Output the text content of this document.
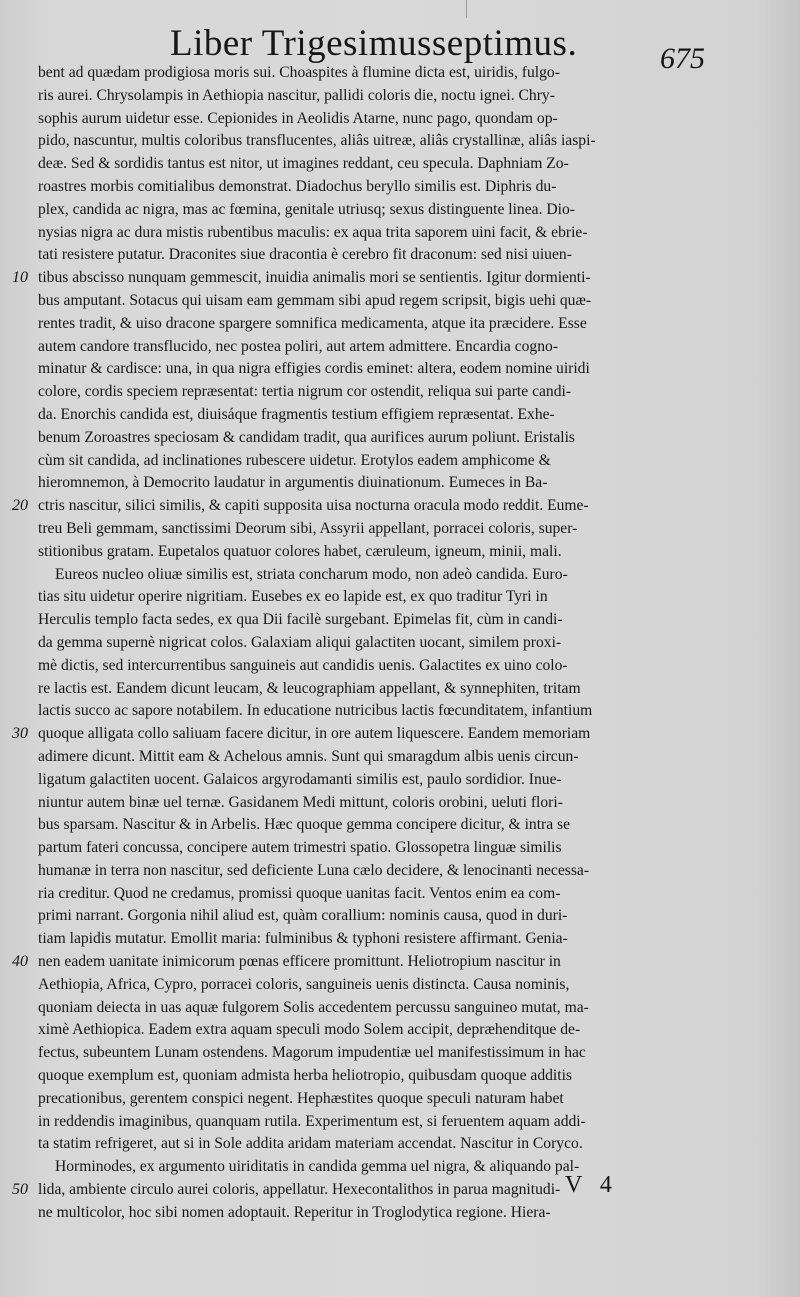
Liber Trigesimusseptimus.	675
bent ad quædam prodigiosa moris sui. Choaspites à flumine dicta est, uiridis, fulgo-
ris aurei. Chrysolampis in Aethiopia nascitur, pallidi coloris die, noctu ignei. Chry-
sophis aurum uidetur esse. Cepionides in Aeolidis Atarne, nunc pago, quondam op-
pido, nascuntur, multis coloribus transflucentes, aliâs uitreæ, aliâs crystallinæ, aliâs iaspi-
deæ. Sed & sordidis tantus est nitor, ut imagines reddant, ceu specula. Daphniam Zo-
roastres morbis comitialibus demonstrat. Diadochus beryllo similis est. Diphris du-
plex, candida ac nigra, mas ac fœmina, genitale utriusq; sexus distinguente linea. Dio-
nysias nigra ac dura mistis rubentibus maculis: ex aqua trita saporem uini facit, & ebrie-
tati resistere putatur. Draconites siue dracontia è cerebro fit draconum: sed nisi uiuen-
10 tibus abscisso nunquam gemmescit, inuidia animalis mori se sentientis. Igitur dormienti-
bus amputant. Sotacus qui uisam eam gemmam sibi apud regem scripsit, bigis uehi quæ-
rentes tradit, & uiso dracone spargere somnifica medicamenta, atque ita præcidere. Esse
autem candore transflucido, nec postea poliri, aut artem admittere. Encardia cogno-
minatur & cardisce: una, in qua nigra effigies cordis eminet: altera, eodem nomine uiridi
colore, cordis speciem repræsentat: tertia nigrum cor ostendit, reliqua sui parte candi-
da. Enorchis candida est, diuisáque fragmentis testium effigiem repræsentat. Exhe-
benum Zoroastres speciosam & candidam tradit, qua aurifices aurum poliunt. Eristalis
cùm sit candida, ad inclinationes rubescere uidetur. Erotylos eadem amphicome &
hieromnemon, à Democrito laudatur in argumentis diuinationum. Eumeces in Ba-
20 ctris nascitur, silici similis, & capiti supposita uisa nocturna oracula modo reddit. Eume-
treu Beli gemmam, sanctissimi Deorum sibi, Assyrii appellant, porracei coloris, super-
stitionibus gratam. Eupetalos quatuor colores habet, cæruleum, igneum, minii, mali.
Eureos nucleo oliuæ similis est, striata concharum modo, non adeò candida. Euro-
tias situ uidetur operire nigritiam. Eusebes ex eo lapide est, ex quo traditur Tyri in
Herculis templo facta sedes, ex qua Dii facilè surgebant. Epimelas fit, cùm in candi-
da gemma supernè nigricat colos. Galaxiam aliqui galactiten uocant, similem proxi-
mè dictis, sed intercurrentibus sanguineis aut candidis uenis. Galactites ex uino colo-
re lactis est. Eandem dicunt leucam, & leucographiam appellant, & synnephiten, tritam
lactis succo ac sapore notabilem. In educatione nutricibus lactis fœcunditatem, infantium
30 quoque alligata collo saliuam facere dicitur, in ore autem liquescere. Eandem memoriam
adimere dicunt. Mittit eam & Achelous amnis. Sunt qui smaragdum albis uenis circun-
ligatum galactiten uocent. Galaicos argyrodamanti similis est, paulo sordidior. Inue-
niuntur autem binæ uel ternæ. Gasidanem Medi mittunt, coloris orobini, ueluti flori-
bus sparsam. Nascitur & in Arbelis. Hæc quoque gemma concipere dicitur, & intra se
partum fateri concussa, concipere autem trimestri spatio. Glossopetra linguæ similis
humanæ in terra non nascitur, sed deficiente Luna cælo decidere, & lenocinanti necessa-
ria creditur. Quod ne credamus, promissi quoque uanitas facit. Ventos enim ea com-
primi narrant. Gorgonia nihil aliud est, quàm corallium: nominis causa, quod in duri-
tiam lapidis mutatur. Emollit maria: fulminibus & typhoni resistere affirmant. Genia-
40 nen eadem uanitate inimicorum pœnas efficere promittunt. Heliotropium nascitur in
Aethiopia, Africa, Cypro, porracei coloris, sanguineis uenis distincta. Causa nominis,
quoniam deiecta in uas aquæ fulgorem Solis accedentem percussu sanguineo mutat, ma-
ximè Aethiopica. Eadem extra aquam speculi modo Solem accipit, depræhenditque de-
fectus, subeuntem Lunam ostendens. Magorum impudentiæ uel manifestissimum in hac
quoque exemplum est, quoniam admista herba heliotropio, quibusdam quoque additis
precationibus, gerentem conspici negent. Hephæstites quoque speculi naturam habet
in reddendis imaginibus, quanquam rutila. Experimentum est, si feruentem aquam addi-
ta statim refrigeret, aut si in Sole addita aridam materiam accendat. Nascitur in Coryco.
Horminodes, ex argumento uiriditatis in candida gemma uel nigra, & aliquando pal-
50 lida, ambiente circulo aurei coloris, appellatur. Hexecontalithos in parua magnitudi-
ne multicolor, hoc sibi nomen adoptauit. Reperitur in Troglodytica regione. Hiera-
V 4
